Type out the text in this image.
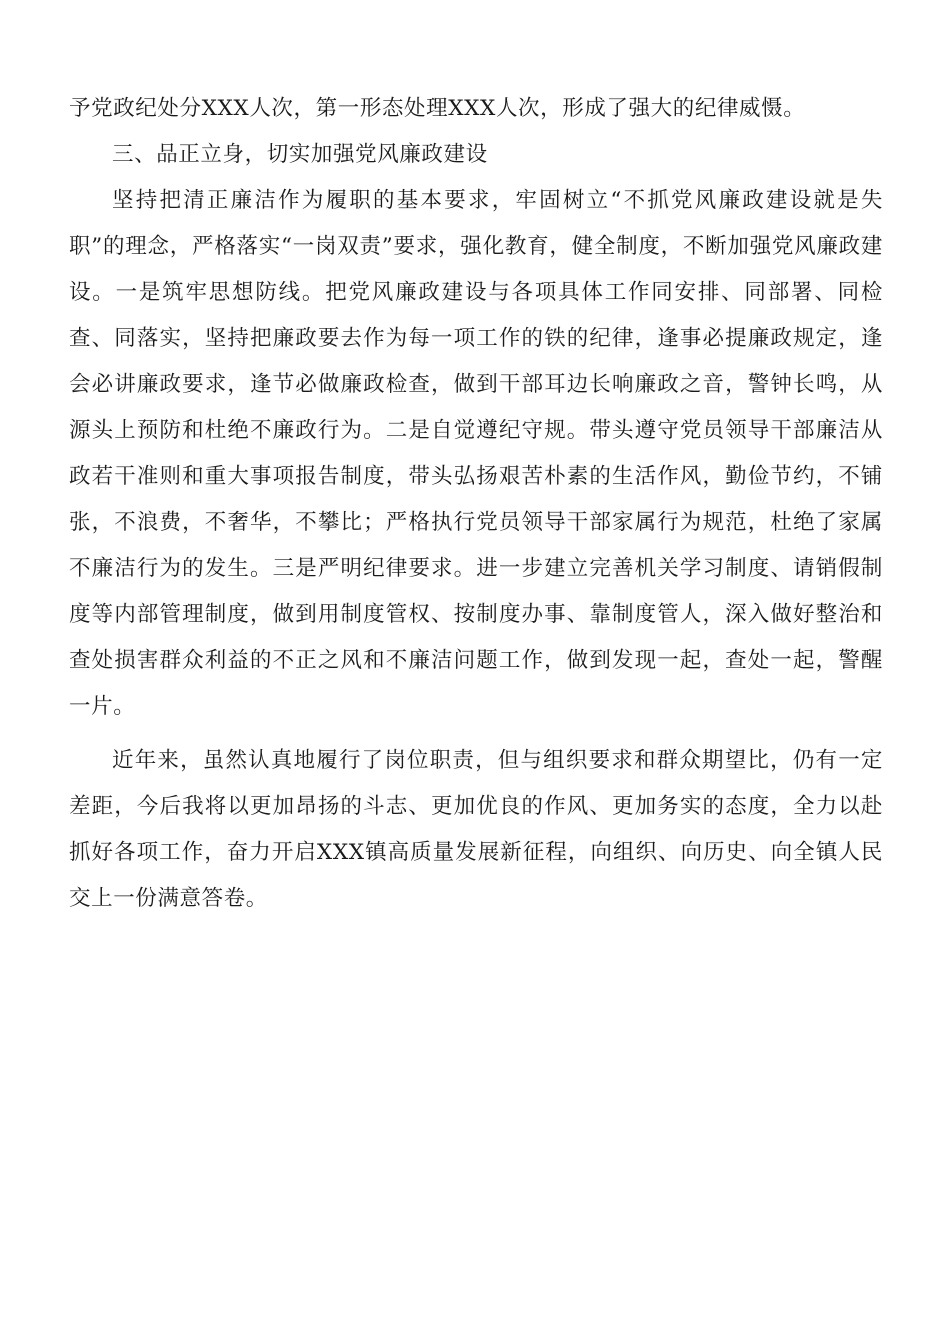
予党政纪处分XXX人次，第一形态处理XXX人次，形成了强大的纪律威慑。

三、品正立身，切实加强党风廉政建设

坚持把清正廉洁作为履职的基本要求，牢固树立“不抓党风廉政建设就是失职”的理念，严格落实“一岗双责”要求，强化教育，健全制度，不断加强党风廉政建设。一是筑牢思想防线。把党风廉政建设与各项具体工作同安排、同部署、同检查、同落实，坚持把廉政要去作为每一项工作的铁的纪律，逢事必提廉政规定，逢会必讲廉政要求，逢节必做廉政检查，做到干部耳边长响廉政之音，警钟长鸣，从源头上预防和杜绝不廉政行为。二是自觉遵纪守规。带头遵守党员领导干部廉洁从政若干准则和重大事项报告制度，带头弘扬艰苦朴素的生活作风，勤俭节约，不铺张，不浪费，不奢华，不攀比；严格执行党员领导干部家属行为规范，杜绝了家属不廉洁行为的发生。三是严明纪律要求。进一步建立完善机关学习制度、请销假制度等内部管理制度，做到用制度管权、按制度办事、靠制度管人，深入做好整治和查处损害群众利益的不正之风和不廉洁问题工作，做到发现一起，查处一起，警醒一片。

近年来，虽然认真地履行了岗位职责，但与组织要求和群众期望比，仍有一定差距，今后我将以更加昂扬的斗志、更加优良的作风、更加务实的态度，全力以赴抓好各项工作，奋力开启XXX镇高质量发展新征程，向组织、向历史、向全镇人民交上一份满意答卷。
